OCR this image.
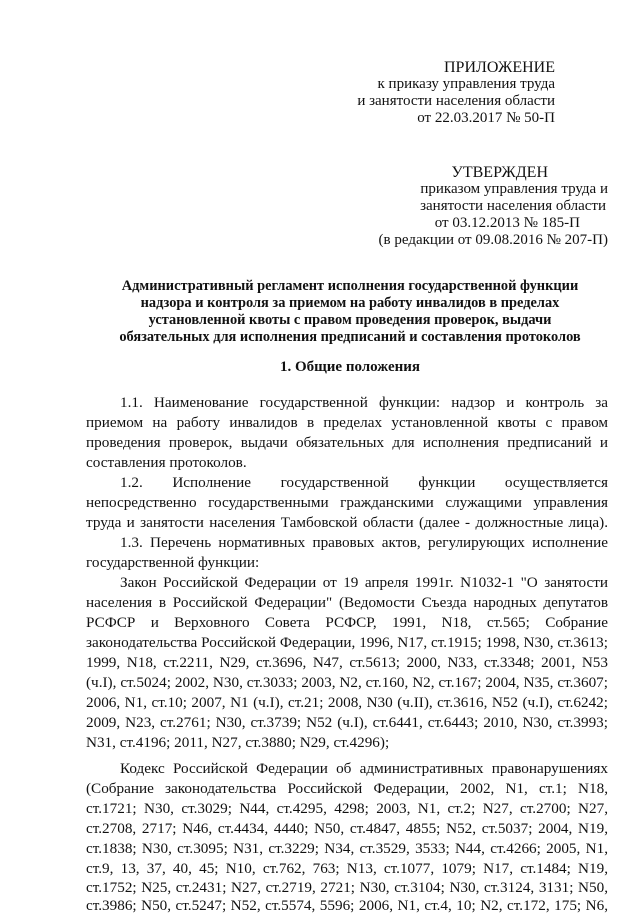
ПРИЛОЖЕНИЕ
к приказу управления труда
и занятости населения области
от 22.03.2017 № 50-П
УТВЕРЖДЕН
приказом управления труда и
занятости населения области
от 03.12.2013 № 185-П
(в редакции от 09.08.2016 № 207-П)
Административный регламент исполнения государственной функции
надзора и контроля за приемом на работу инвалидов в пределах
установленной квоты с правом проведения проверок, выдачи
обязательных для исполнения предписаний и составления протоколов
1. Общие положения
1.1. Наименование государственной функции: надзор и контроль за
приемом на работу инвалидов в пределах установленной квоты с правом
проведения проверок, выдачи обязательных для исполнения предписаний и
составления протоколов.
1.2. Исполнение государственной функции осуществляется
непосредственно государственными гражданскими служащими управления
труда и занятости населения Тамбовской области (далее - должностные лица).
1.3. Перечень нормативных правовых актов, регулирующих исполнение
государственной функции:
Закон Российской Федерации от 19 апреля 1991г. N1032-1 "О занятости
населения в Российской Федерации" (Ведомости Съезда народных депутатов
РСФСР и Верховного Совета РСФСР, 1991, N18, ст.565; Собрание
законодательства Российской Федерации, 1996, N17, ст.1915; 1998, N30, ст.3613;
1999, N18, ст.2211, N29, ст.3696, N47, ст.5613; 2000, N33, ст.3348; 2001, N53
(ч.I), ст.5024; 2002, N30, ст.3033; 2003, N2, ст.160, N2, ст.167; 2004, N35, ст.3607;
2006, N1, ст.10; 2007, N1 (ч.I), ст.21; 2008, N30 (ч.II), ст.3616, N52 (ч.I), ст.6242;
2009, N23, ст.2761; N30, ст.3739; N52 (ч.I), ст.6441, ст.6443; 2010, N30, ст.3993;
N31, ст.4196; 2011, N27, ст.3880; N29, ст.4296);
Кодекс Российской Федерации об административных правонарушениях
(Собрание законодательства Российской Федерации, 2002, N1, ст.1; N18,
ст.1721; N30, ст.3029; N44, ст.4295, 4298; 2003, N1, ст.2; N27, ст.2700; N27,
ст.2708, 2717; N46, ст.4434, 4440; N50, ст.4847, 4855; N52, ст.5037; 2004, N19,
ст.1838; N30, ст.3095; N31, ст.3229; N34, ст.3529, 3533; N44, ст.4266; 2005, N1,
ст.9, 13, 37, 40, 45; N10, ст.762, 763; N13, ст.1077, 1079; N17, ст.1484; N19,
ст.1752; N25, ст.2431; N27, ст.2719, 2721; N30, ст.3104; N30, ст.3124, 3131; N50,
ст.3986; N50, ст.5247; N52, ст.5574, 5596; 2006, N1, ст.4, 10; N2, ст.172, 175; N6,
